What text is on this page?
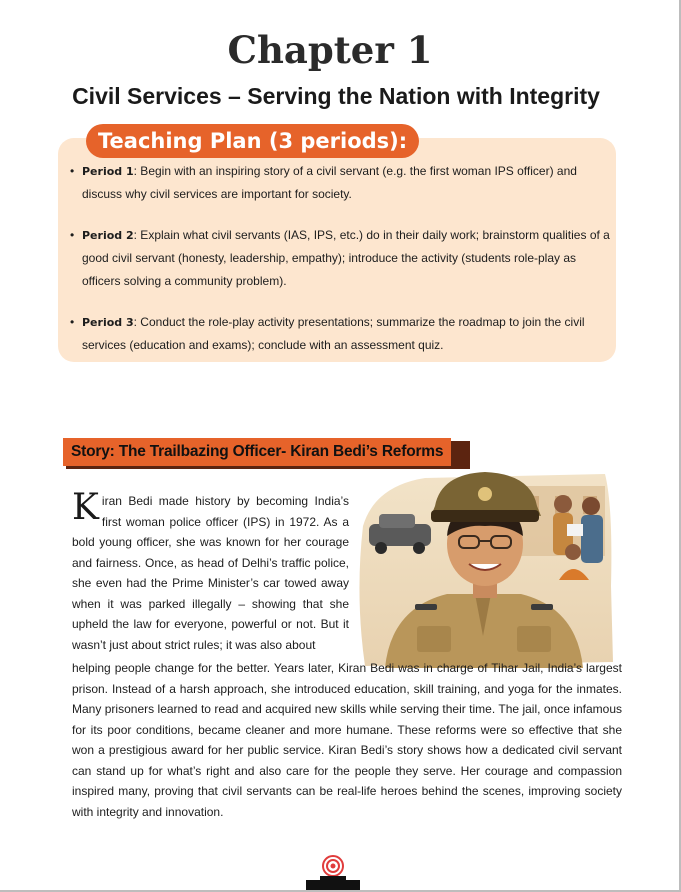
Chapter 1
Civil Services – Serving the Nation with Integrity
Teaching Plan (3 periods):
• Period 1: Begin with an inspiring story of a civil servant (e.g. the first woman IPS officer) and discuss why civil services are important for society.
• Period 2: Explain what civil servants (IAS, IPS, etc.) do in their daily work; brainstorm qualities of a good civil servant (honesty, leadership, empathy); introduce the activity (students role-play as officers solving a community problem).
• Period 3: Conduct the role-play activity presentations; summarize the roadmap to join the civil services (education and exams); conclude with an assessment quiz.
Story: The Trailbazing Officer- Kiran Bedi’s Reforms

Kiran Bedi made history by becoming India’s first woman police officer (IPS) in 1972. As a bold young officer, she was known for her courage and fairness. Once, as head of Delhi’s traffic police, she even had the Prime Minister’s car towed away when it was parked illegally – showing that she upheld the law for everyone, powerful or not. But it wasn’t just about strict rules; it was also about

helping people change for the better. Years later, Kiran Bedi was in charge of Tihar Jail, India’s largest prison. Instead of a harsh approach, she introduced education, skill training, and yoga for the inmates. Many prisoners learned to read and acquired new skills while serving their time. The jail, once infamous for its poor conditions, became cleaner and more humane. These reforms were so effective that she won a prestigious award for her public service. Kiran Bedi’s story shows how a dedicated civil servant can stand up for what’s right and also care for the people they serve. Her courage and compassion inspired many, proving that civil servants can be real-life heroes behind the scenes, improving society with integrity and innovation.
